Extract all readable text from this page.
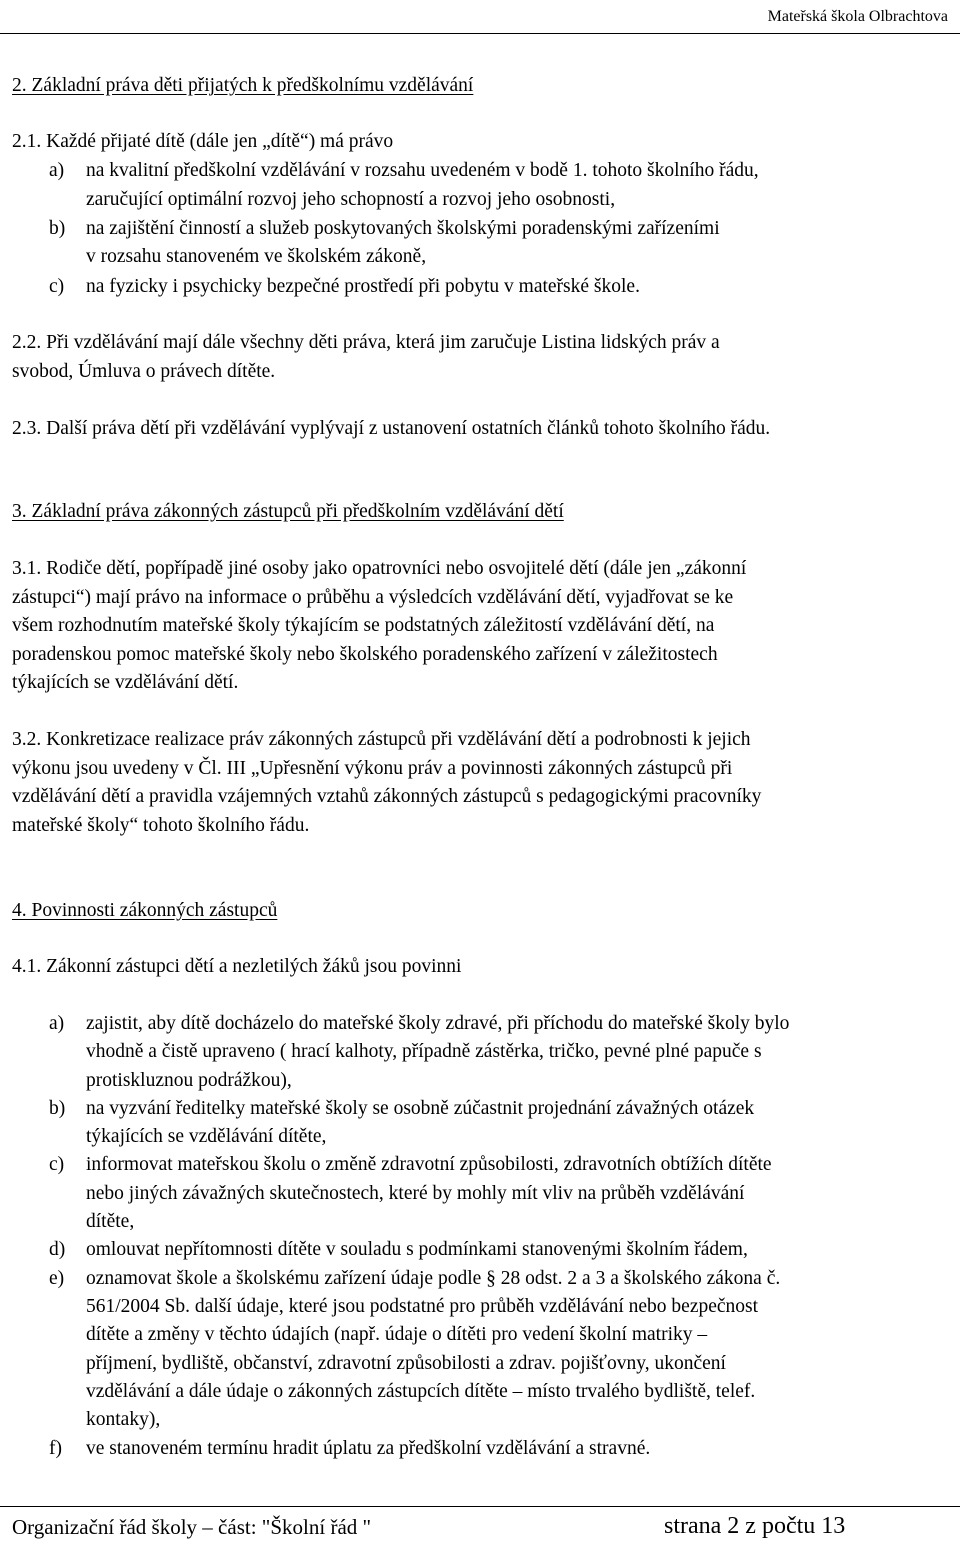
Mateřská škola Olbrachtova
2. Základní práva děti přijatých k předškolnímu vzdělávání
2.1. Každé přijaté dítě (dále jen „dítě“) má právo
a) na kvalitní předškolní vzdělávání v rozsahu uvedeném v bodě 1. tohoto školního řádu,
zaručující optimální rozvoj jeho schopností a rozvoj jeho osobnosti,
b) na zajištění činností a služeb poskytovaných školskými poradenskými zařízeními
v rozsahu stanoveném ve školském zákoně,
c) na fyzicky i psychicky bezpečné prostředí při pobytu v mateřské škole.
2.2. Při vzdělávání mají dále všechny děti práva, která jim zaručuje Listina lidských práv a
svobod, Úmluva o právech dítěte.
2.3. Další práva dětí při vzdělávání vyplývají z ustanovení ostatních článků tohoto školního řádu.
3. Základní práva zákonných zástupců při předškolním vzdělávání dětí
3.1. Rodiče dětí, popřípadě jiné osoby jako opatrovníci nebo osvojitelé dětí (dále jen „zákonní
zástupci“) mají právo na informace o průběhu a výsledcích vzdělávání dětí, vyjadřovat se ke
všem rozhodnutím mateřské školy týkajícím se podstatných záležitostí vzdělávání dětí, na
poradenskou pomoc mateřské školy nebo školského poradenského zařízení v záležitostech
týkajících se vzdělávání dětí.
3.2. Konkretizace realizace práv zákonných zástupců při vzdělávání dětí a podrobnosti k jejich
výkonu jsou uvedeny v Čl. III „Upřesnění výkonu práv a povinnosti zákonných zástupců při
vzdělávání dětí a pravidla vzájemných vztahů zákonných zástupců s pedagogickými pracovníky
mateřské školy“ tohoto školního řádu.
4. Povinnosti zákonných zástupců
4.1. Zákonní zástupci dětí a nezletilých žáků jsou povinni
a) zajistit, aby dítě docházelo do mateřské školy zdravé, při příchodu do mateřské školy bylo
vhodně a čistě upraveno ( hrací kalhoty, případně zástěrka, tričko, pevné plné papuče s
protiskluznou podrážkou),
b) na vyzvání ředitelky mateřské školy se osobně zúčastnit projednání závažných otázek
týkajících se vzdělávání dítěte,
c) informovat mateřskou školu o změně zdravotní způsobilosti, zdravotních obtížích dítěte
nebo jiných závažných skutečnostech, které by mohly mít vliv na průběh vzdělávání
dítěte,
d) omlouvat nepřítomnosti dítěte v souladu s podmínkami stanovenými školním řádem,
e) oznamovat škole a školskému zařízení údaje podle § 28 odst. 2 a 3 a školského zákona č.
561/2004 Sb. další údaje, které jsou podstatné pro průběh vzdělávání nebo bezpečnost
dítěte a změny v těchto údajích (např. údaje o dítěti pro vedení školní matriky –
příjmení, bydliště, občanství, zdravotní způsobilosti a zdrav. pojišťovny, ukončení
vzdělávání a dále údaje o zákonných zástupcích dítěte – místo trvalého bydliště, telef.
kontaky),
f) ve stanoveném termínu hradit úplatu za předškolní vzdělávání a stravné.
Organizační řád školy – část: "Školní řád "	strana 2 z počtu 13
